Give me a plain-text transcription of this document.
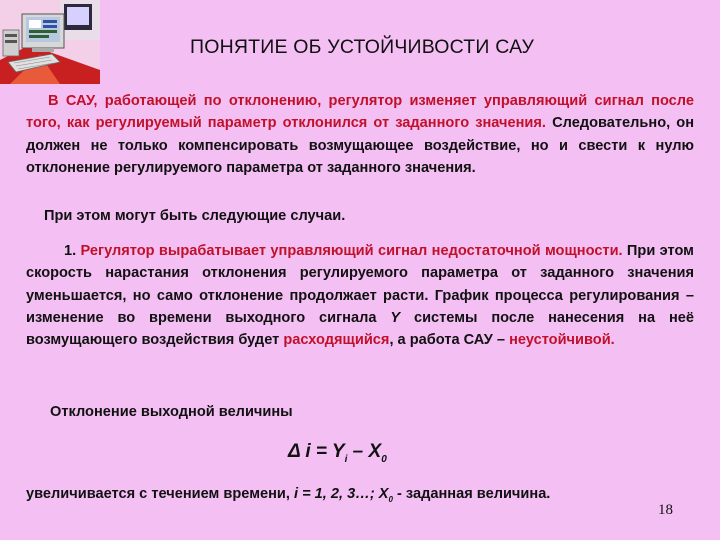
ПОНЯТИЕ ОБ УСТОЙЧИВОСТИ САУ

В САУ, работающей по отклонению, регулятор изменяет управляющий сигнал после того, как регулируемый параметр отклонился от заданного значения. Следовательно, он должен не только компенсировать возмущающее воздействие, но и свести к нулю отклонение регулируемого параметра от заданного значения.

При этом могут быть следующие случаи.

1. Регулятор вырабатывает управляющий сигнал недостаточной мощности. При этом скорость нарастания отклонения регулируемого параметра от заданного значения уменьшается, но само отклонение продолжает расти. График процесса регулирования – изменение во времени выходного сигнала Y системы после нанесения на неё возмущающего воздействия будет расходящийся, а работа САУ – неустойчивой.

Отклонение выходной величины

Δ $i = Y_i - X_0$
увеличивается с течением времени, i = 1, 2, 3…; $X_0$ - заданная величина.
18
